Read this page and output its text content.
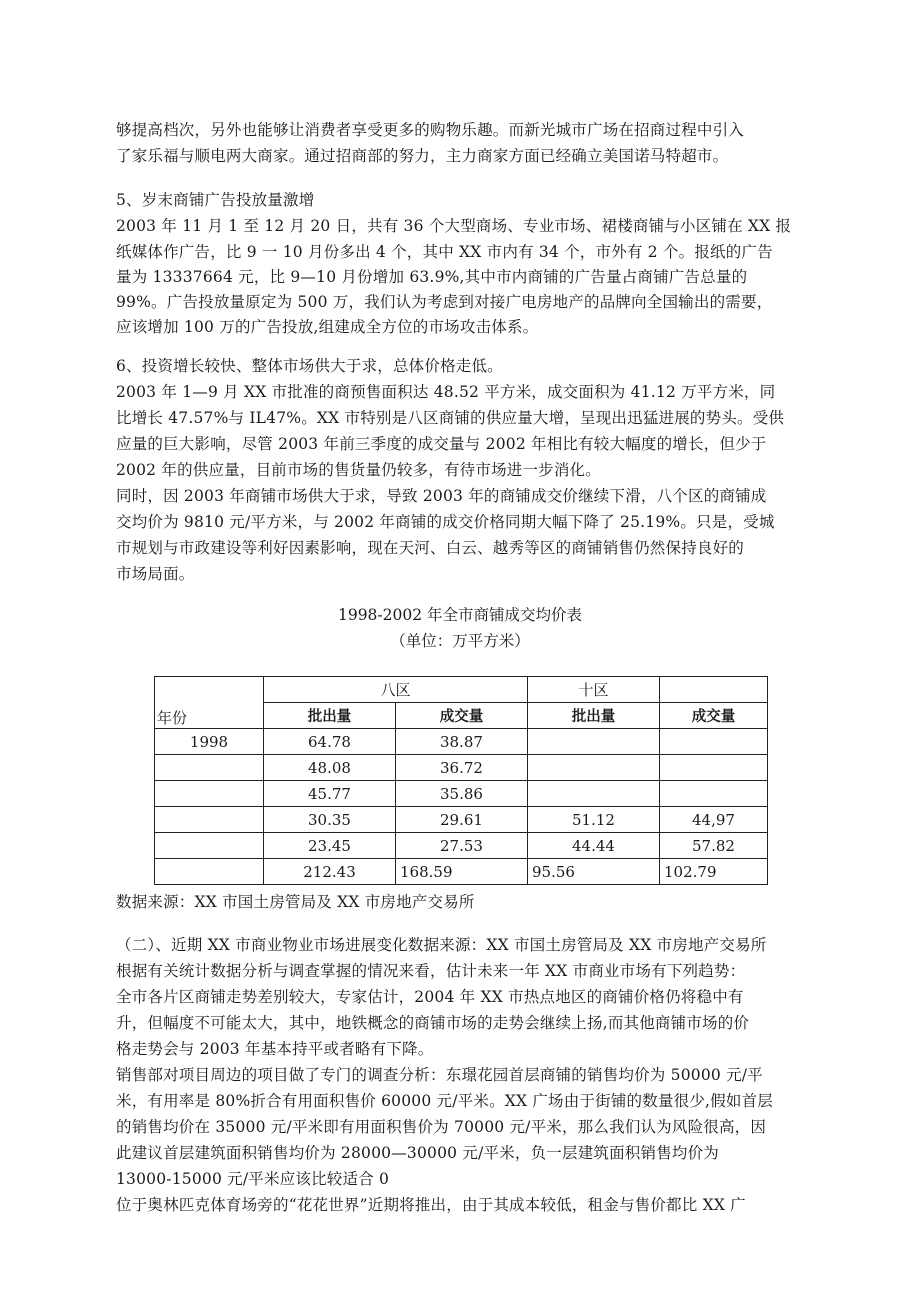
够提高档次，另外也能够让消费者享受更多的购物乐趣。而新光城市广场在招商过程中引入
了家乐福与顺电两大商家。通过招商部的努力，主力商家方面已经确立美国诺马特超市。
5、岁末商铺广告投放量激增
2003 年 11 月 1 至 12 月 20 日，共有 36 个大型商场、专业市场、裙楼商铺与小区铺在 XX 报
纸媒体作广告，比 9 一 10 月份多出 4 个，其中 XX 市内有 34 个，市外有 2 个。报纸的广告
量为 13337664 元，比 9—10 月份增加 63.9%,其中市内商铺的广告量占商铺广告总量的
99%。广告投放量原定为 500 万，我们认为考虑到对接广电房地产的品牌向全国输出的需要，
应该增加 100 万的广告投放,组建成全方位的市场攻击体系。
6、投资增长较快、整体市场供大于求，总体价格走低。
2003 年 1—9 月 XX 市批准的商预售面积达 48.52 平方米，成交面积为 41.12 万平方米，同
比增长 47.57%与 IL47%。XX 市特别是八区商铺的供应量大增，呈现出迅猛进展的势头。受供
应量的巨大影响，尽管 2003 年前三季度的成交量与 2002 年相比有较大幅度的增长，但少于
2002 年的供应量，目前市场的售货量仍较多，有待市场进一步消化。
同时，因 2003 年商铺市场供大于求，导致 2003 年的商铺成交价继续下滑，八个区的商铺成
交均价为 9810 元/平方米，与 2002 年商铺的成交价格同期大幅下降了 25.19%。只是，受城
市规划与市政建设等利好因素影响，现在天河、白云、越秀等区的商铺销售仍然保持良好的
市场局面。
1998-2002 年全市商铺成交均价表
（单位：万平方米）
年份	八区		十区	
	批出量	成交量	批出量	成交量
1998	64.78	38.87		
	48.08	36.72		
	45.77	35.86		
	30.35	29.61	51.12	44,97
	23.45	27.53	44.44	57.82
	212.43	168.59	95.56	102.79
数据来源：XX 市国土房管局及 XX 市房地产交易所
（二）、近期 XX 市商业物业市场进展变化数据来源：XX 市国土房管局及 XX 市房地产交易所
根据有关统计数据分析与调查掌握的情况来看，估计未来一年 XX 市商业市场有下列趋势：
全市各片区商铺走势差别较大，专家估计，2004 年 XX 市热点地区的商铺价格仍将稳中有
升，但幅度不可能太大，其中，地铁概念的商铺市场的走势会继续上扬,而其他商铺市场的价
格走势会与 2003 年基本持平或者略有下降。
销售部对项目周边的项目做了专门的调查分析：东璟花园首层商铺的销售均价为 50000 元/平
米，有用率是 80%折合有用面积售价 60000 元/平米。XX 广场由于街铺的数量很少,假如首层
的销售均价在 35000 元/平米即有用面积售价为 70000 元/平米，那么我们认为风险很高，因
此建议首层建筑面积销售均价为 28000—30000 元/平米，负一层建筑面积销售均价为
13000-15000 元/平米应该比较适合 0
位于奥林匹克体育场旁的“花花世界”近期将推出，由于其成本较低，租金与售价都比 XX 广
